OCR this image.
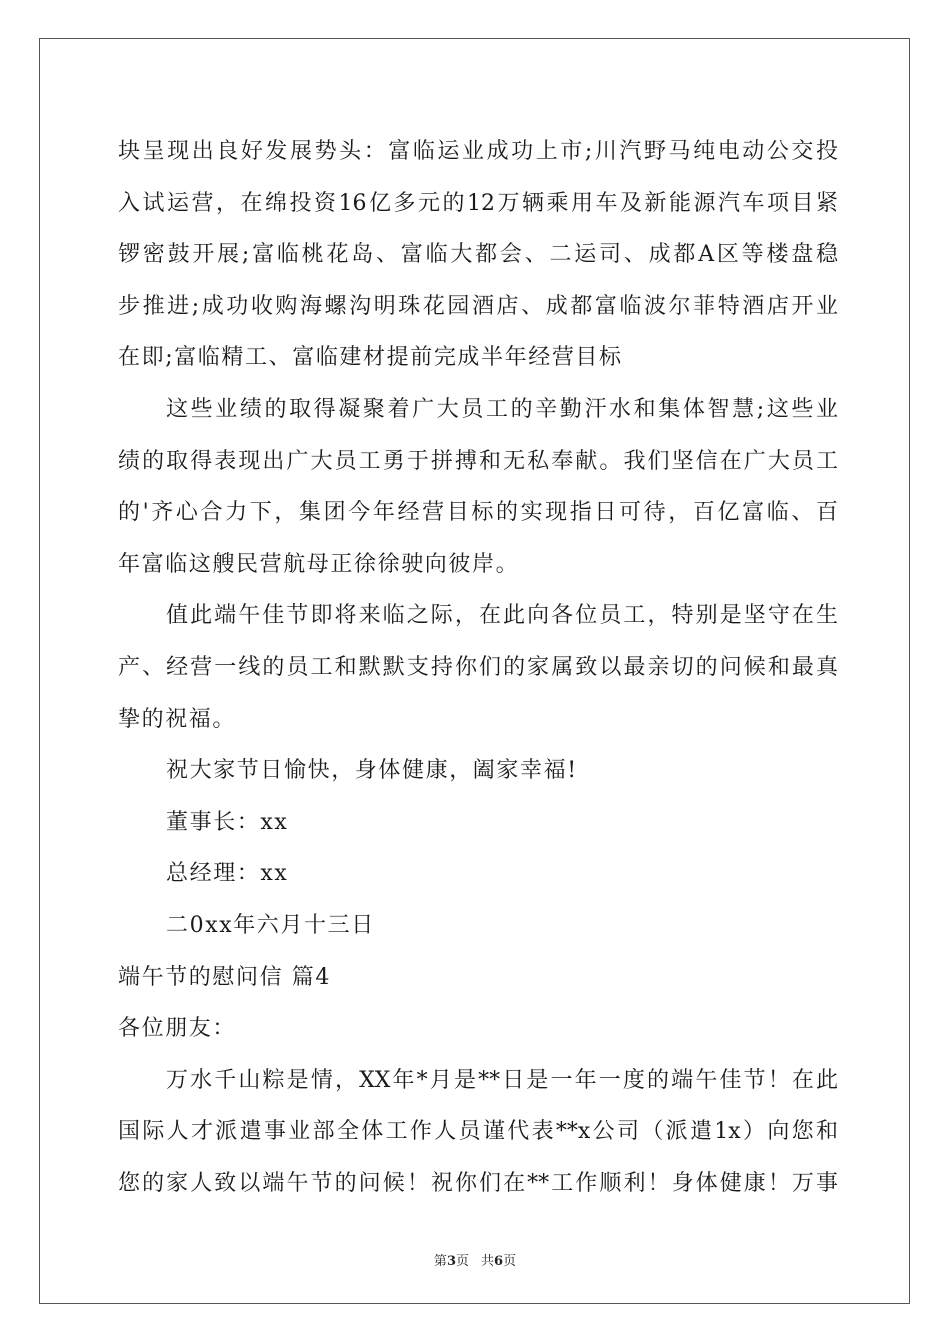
块呈现出良好发展势头：富临运业成功上市;川汽野马纯电动公交投
入试运营，在绵投资16亿多元的12万辆乘用车及新能源汽车项目紧
锣密鼓开展;富临桃花岛、富临大都会、二运司、成都A区等楼盘稳
步推进;成功收购海螺沟明珠花园酒店、成都富临波尔菲特酒店开业
在即;富临精工、富临建材提前完成半年经营目标
这些业绩的取得凝聚着广大员工的辛勤汗水和集体智慧;这些业
绩的取得表现出广大员工勇于拼搏和无私奉献。我们坚信在广大员工
的'齐心合力下，集团今年经营目标的实现指日可待，百亿富临、百
年富临这艘民营航母正徐徐驶向彼岸。
值此端午佳节即将来临之际，在此向各位员工，特别是坚守在生
产、经营一线的员工和默默支持你们的家属致以最亲切的问候和最真
挚的祝福。
祝大家节日愉快，身体健康，阖家幸福!
董事长：xx
总经理：xx
二0xx年六月十三日
端午节的慰问信 篇4
各位朋友：
万水千山粽是情，XX年*月是**日是一年一度的端午佳节！在此
国际人才派遣事业部全体工作人员谨代表**x公司（派遣1x）向您和
您的家人致以端午节的问候！祝你们在**工作顺利！身体健康！万事
第3页 共6页
